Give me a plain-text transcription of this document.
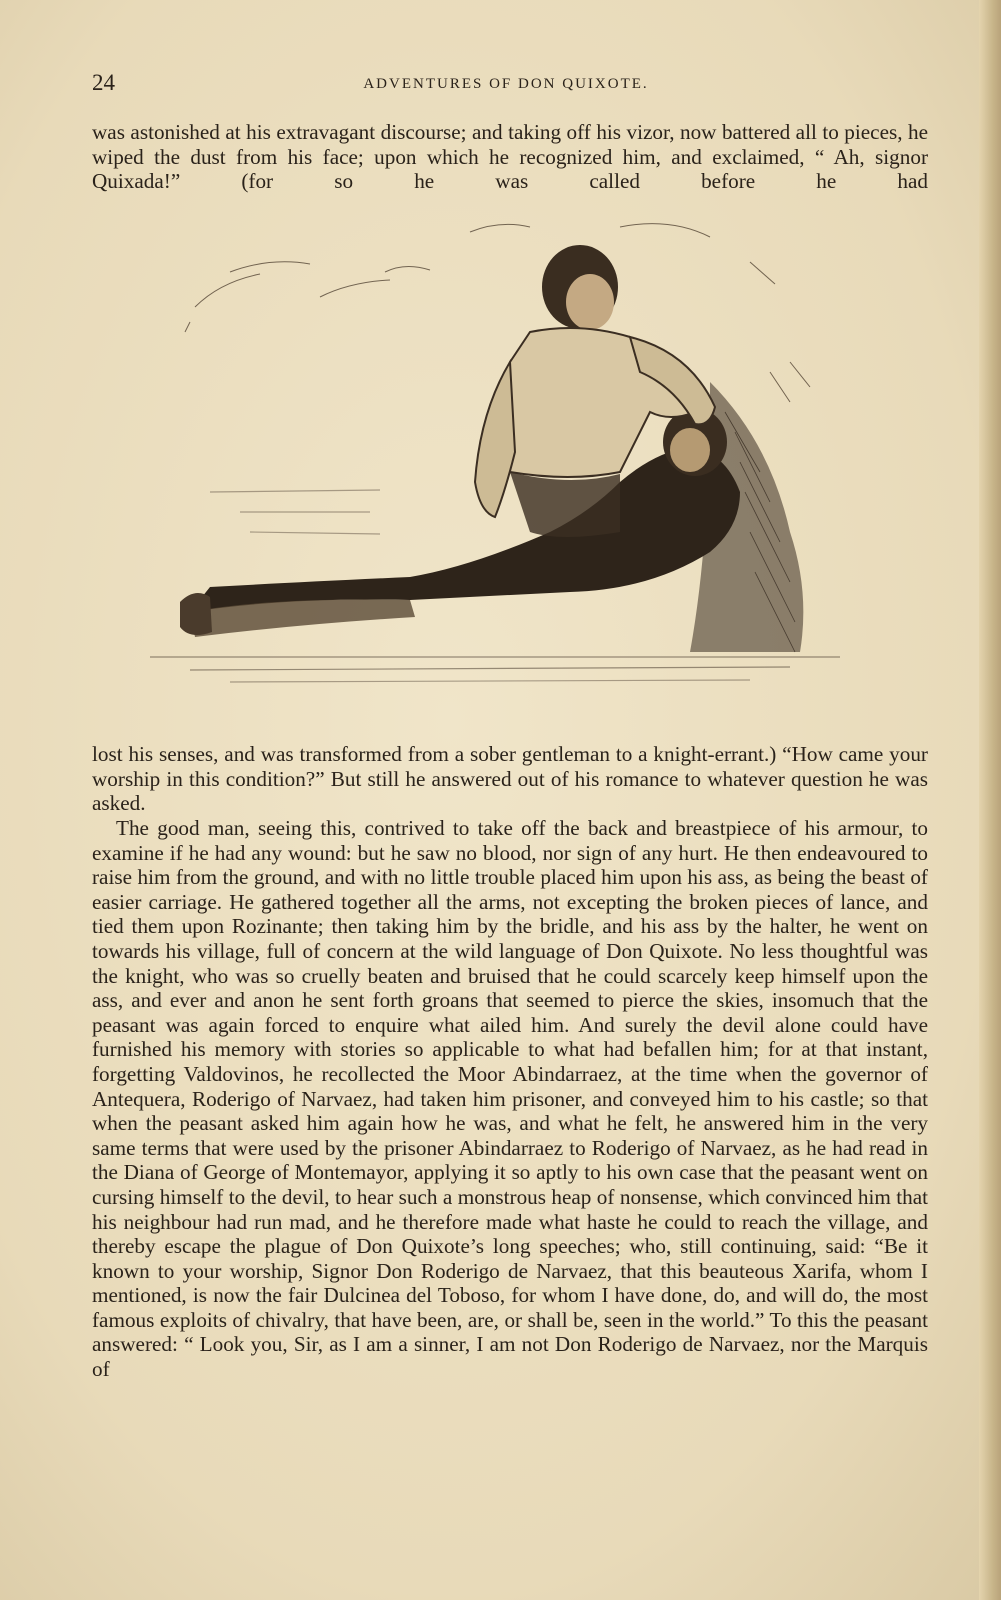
24	ADVENTURES OF DON QUIXOTE.

was astonished at his extravagant discourse; and taking off his vizor, now battered all to pieces, he wiped the dust from his face; upon which he recognized him, and exclaimed, “ Ah, signor Quixada!” (for so he was called before he had

lost his senses, and was transformed from a sober gentleman to a knight-errant.) “How came your worship in this condition?” But still he answered out of his romance to whatever question he was asked.

The good man, seeing this, contrived to take off the back and breastpiece of his armour, to examine if he had any wound: but he saw no blood, nor sign of any hurt. He then endeavoured to raise him from the ground, and with no little trouble placed him upon his ass, as being the beast of easier carriage. He gathered together all the arms, not excepting the broken pieces of lance, and tied them upon Rozinante; then taking him by the bridle, and his ass by the halter, he went on towards his village, full of concern at the wild language of Don Quixote. No less thoughtful was the knight, who was so cruelly beaten and bruised that he could scarcely keep himself upon the ass, and ever and anon he sent forth groans that seemed to pierce the skies, insomuch that the peasant was again forced to enquire what ailed him. And surely the devil alone could have furnished his memory with stories so applicable to what had befallen him; for at that instant, forgetting Valdovinos, he recollected the Moor Abindarraez, at the time when the governor of Antequera, Roderigo of Narvaez, had taken him prisoner, and conveyed him to his castle; so that when the peasant asked him again how he was, and what he felt, he answered him in the very same terms that were used by the prisoner Abindarraez to Roderigo of Narvaez, as he had read in the Diana of George of Montemayor, applying it so aptly to his own case that the peasant went on cursing himself to the devil, to hear such a monstrous heap of nonsense, which convinced him that his neighbour had run mad, and he therefore made what haste he could to reach the village, and thereby escape the plague of Don Quixote’s long speeches; who, still continuing, said: “Be it known to your worship, Signor Don Roderigo de Narvaez, that this beauteous Xarifa, whom I mentioned, is now the fair Dulcinea del Toboso, for whom I have done, do, and will do, the most famous exploits of chivalry, that have been, are, or shall be, seen in the world.” To this the peasant answered: “ Look you, Sir, as I am a sinner, I am not Don Roderigo de Narvaez, nor the Marquis of
